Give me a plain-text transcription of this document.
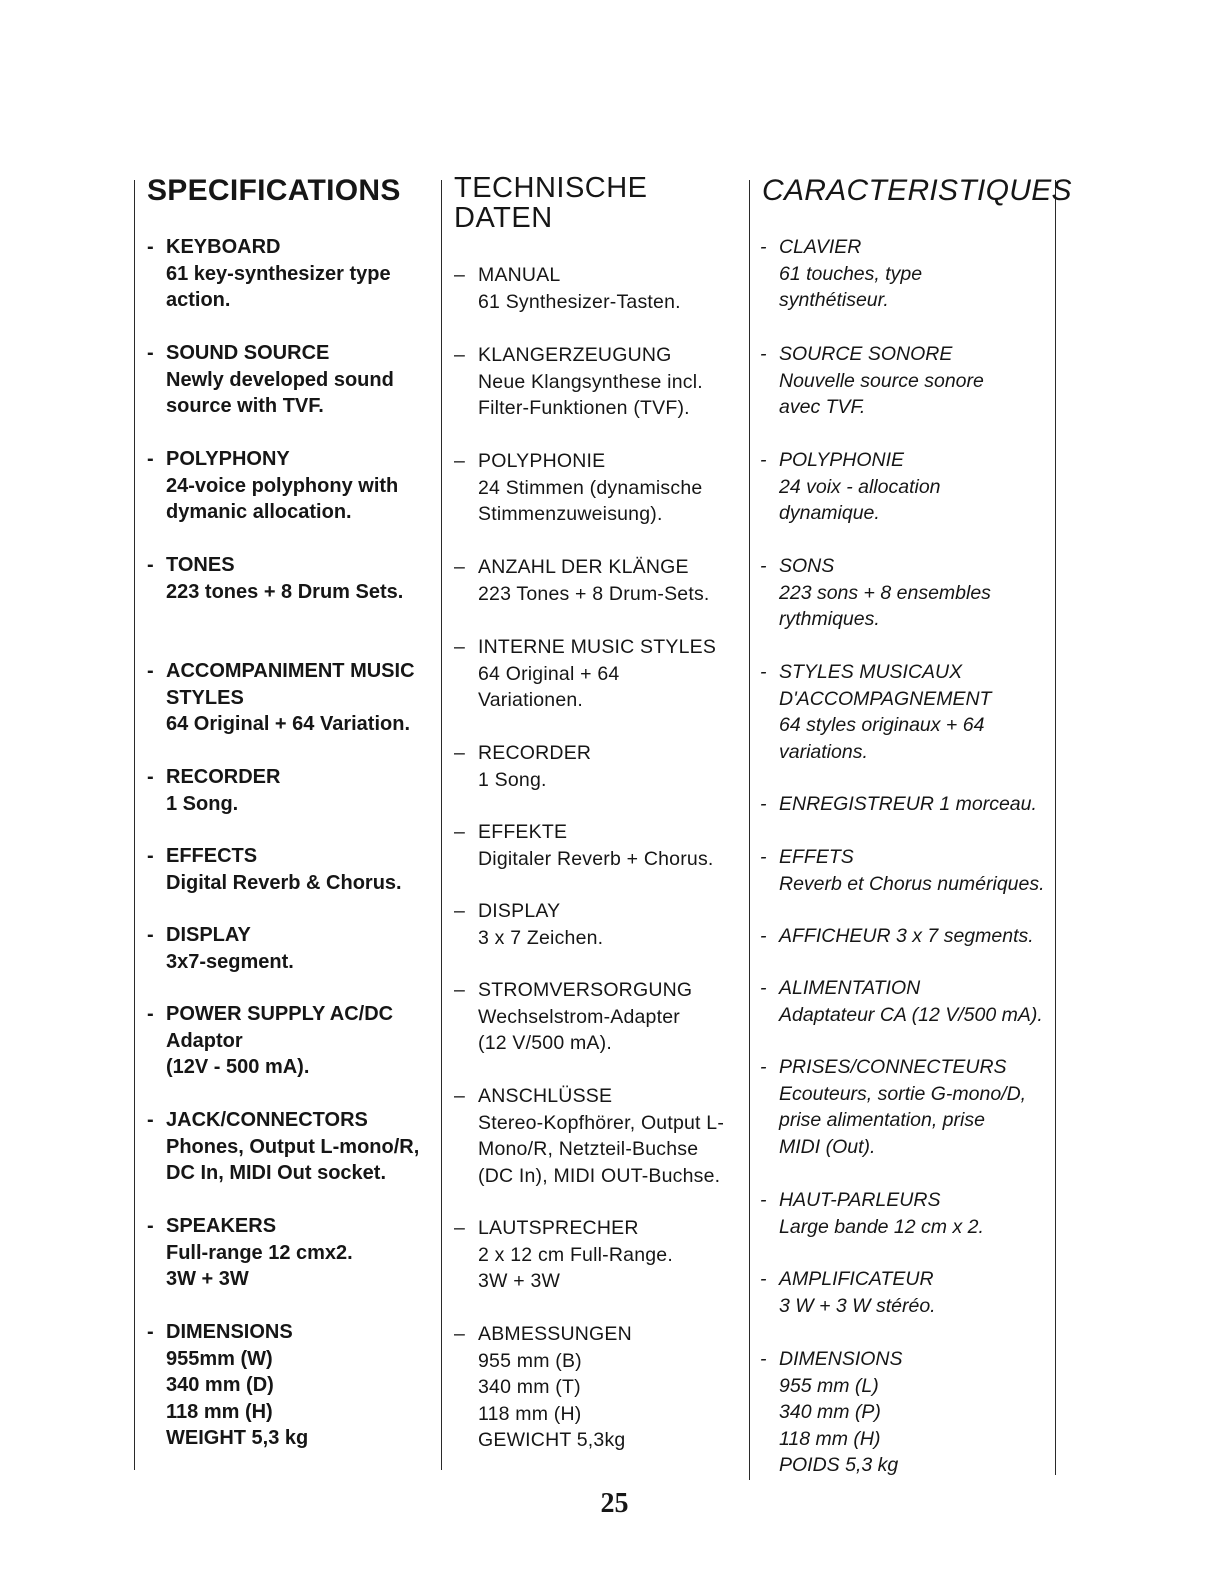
SPECIFICATIONS
- KEYBOARD
61 key-synthesizer type
action.
- SOUND SOURCE
Newly developed sound
source with TVF.
- POLYPHONY
24-voice polyphony with
dymanic allocation.
- TONES
223 tones + 8 Drum Sets.
- ACCOMPANIMENT MUSIC
STYLES
64 Original + 64 Variation.
- RECORDER
1 Song.
- EFFECTS
Digital Reverb & Chorus.
- DISPLAY
3x7-segment.
- POWER SUPPLY AC/DC
Adaptor
(12V - 500 mA).
- JACK/CONNECTORS
Phones, Output L-mono/R,
DC In, MIDI Out socket.
- SPEAKERS
Full-range 12 cmx2.
3W + 3W
- DIMENSIONS
955mm (W)
340 mm (D)
118 mm (H)
WEIGHT 5,3 kg
TECHNISCHE
DATEN
– MANUAL
61 Synthesizer-Tasten.
– KLANGERZEUGUNG
Neue Klangsynthese incl.
Filter-Funktionen (TVF).
– POLYPHONIE
24 Stimmen (dynamische
Stimmenzuweisung).
– ANZAHL DER KLÄNGE
223 Tones + 8 Drum-Sets.
– INTERNE MUSIC STYLES
64 Original + 64
Variationen.
– RECORDER
1 Song.
– EFFEKTE
Digitaler Reverb + Chorus.
– DISPLAY
3 x 7 Zeichen.
– STROMVERSORGUNG
Wechselstrom-Adapter
(12 V/500 mA).
– ANSCHLÜSSE
Stereo-Kopfhörer, Output L-
Mono/R, Netzteil-Buchse
(DC In), MIDI OUT-Buchse.
– LAUTSPRECHER
2 x 12 cm Full-Range.
3W + 3W
– ABMESSUNGEN
955 mm (B)
340 mm (T)
118 mm (H)
GEWICHT 5,3kg
CARACTERISTIQUES
- CLAVIER
61 touches, type
synthétiseur.
- SOURCE SONORE
Nouvelle source sonore
avec TVF.
- POLYPHONIE
24 voix - allocation
dynamique.
- SONS
223 sons + 8 ensembles
rythmiques.
- STYLES MUSICAUX
D'ACCOMPAGNEMENT
64 styles originaux + 64
variations.
- ENREGISTREUR 1 morceau.
- EFFETS
Reverb et Chorus numériques.
- AFFICHEUR 3 x 7 segments.
- ALIMENTATION
Adaptateur CA (12 V/500 mA).
- PRISES/CONNECTEURS
Ecouteurs, sortie G-mono/D,
prise alimentation, prise
MIDI (Out).
- HAUT-PARLEURS
Large bande 12 cm x 2.
- AMPLIFICATEUR
3 W + 3 W stéréo.
- DIMENSIONS
955 mm (L)
340 mm (P)
118 mm (H)
POIDS 5,3 kg
25
